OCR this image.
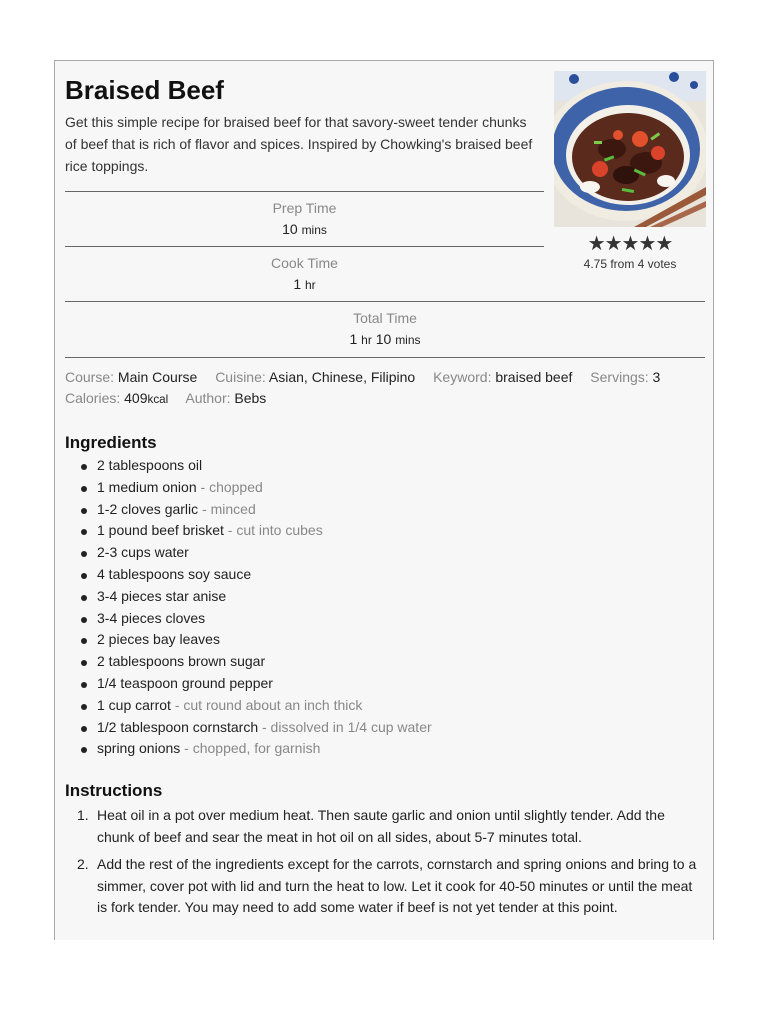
Braised Beef

Get this simple recipe for braised beef for that savory-sweet tender chunks of beef that is rich of flavor and spices. Inspired by Chowking's braised beef rice toppings.

★★★★★
4.75 from 4 votes
Prep Time
10 mins
Cook Time
1 hr
Total Time
1 hr 10 mins
Course: Main Course Cuisine: Asian, Chinese, Filipino Keyword: braised beef Servings: 3
Calories: 409kcal Author: Bebs
Ingredients
2 tablespoons oil
1 medium onion - chopped
1-2 cloves garlic - minced
1 pound beef brisket - cut into cubes
2-3 cups water
4 tablespoons soy sauce
3-4 pieces star anise
3-4 pieces cloves
2 pieces bay leaves
2 tablespoons brown sugar
1/4 teaspoon ground pepper
1 cup carrot - cut round about an inch thick
1/2 tablespoon cornstarch - dissolved in 1/4 cup water
spring onions - chopped, for garnish
Instructions
1. Heat oil in a pot over medium heat. Then saute garlic and onion until slightly tender. Add the chunk of beef and sear the meat in hot oil on all sides, about 5-7 minutes total.
2. Add the rest of the ingredients except for the carrots, cornstarch and spring onions and bring to a simmer, cover pot with lid and turn the heat to low. Let it cook for 40-50 minutes or until the meat is fork tender. You may need to add some water if beef is not yet tender at this point.
